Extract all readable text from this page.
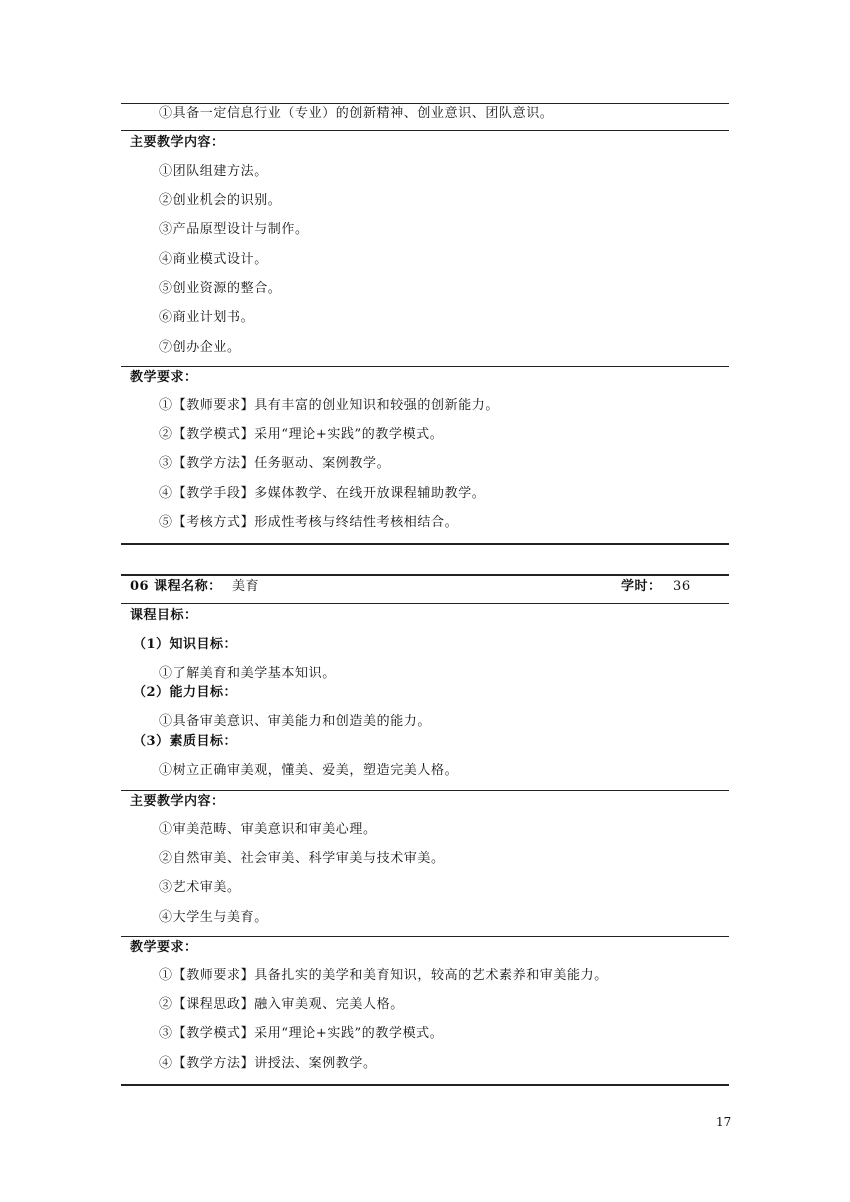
①具备一定信息行业（专业）的创新精神、创业意识、团队意识。
主要教学内容：
①团队组建方法。
②创业机会的识别。
③产品原型设计与制作。
④商业模式设计。
⑤创业资源的整合。
⑥商业计划书。
⑦创办企业。
教学要求：
①【教师要求】具有丰富的创业知识和较强的创新能力。
②【教学模式】采用“理论+实践”的教学模式。
③【教学方法】任务驱动、案例教学。
④【教学手段】多媒体教学、在线开放课程辅助教学。
⑤【考核方式】形成性考核与终结性考核相结合。
06 课程名称： 美育	学时： 36
课程目标：
（1）知识目标：
①了解美育和美学基本知识。
（2）能力目标：
①具备审美意识、审美能力和创造美的能力。
（3）素质目标：
①树立正确审美观，懂美、爱美，塑造完美人格。
主要教学内容：
①审美范畴、审美意识和审美心理。
②自然审美、社会审美、科学审美与技术审美。
③艺术审美。
④大学生与美育。
教学要求：
①【教师要求】具备扎实的美学和美育知识，较高的艺术素养和审美能力。
②【课程思政】融入审美观、完美人格。
③【教学模式】采用“理论+实践”的教学模式。
④【教学方法】讲授法、案例教学。
17
